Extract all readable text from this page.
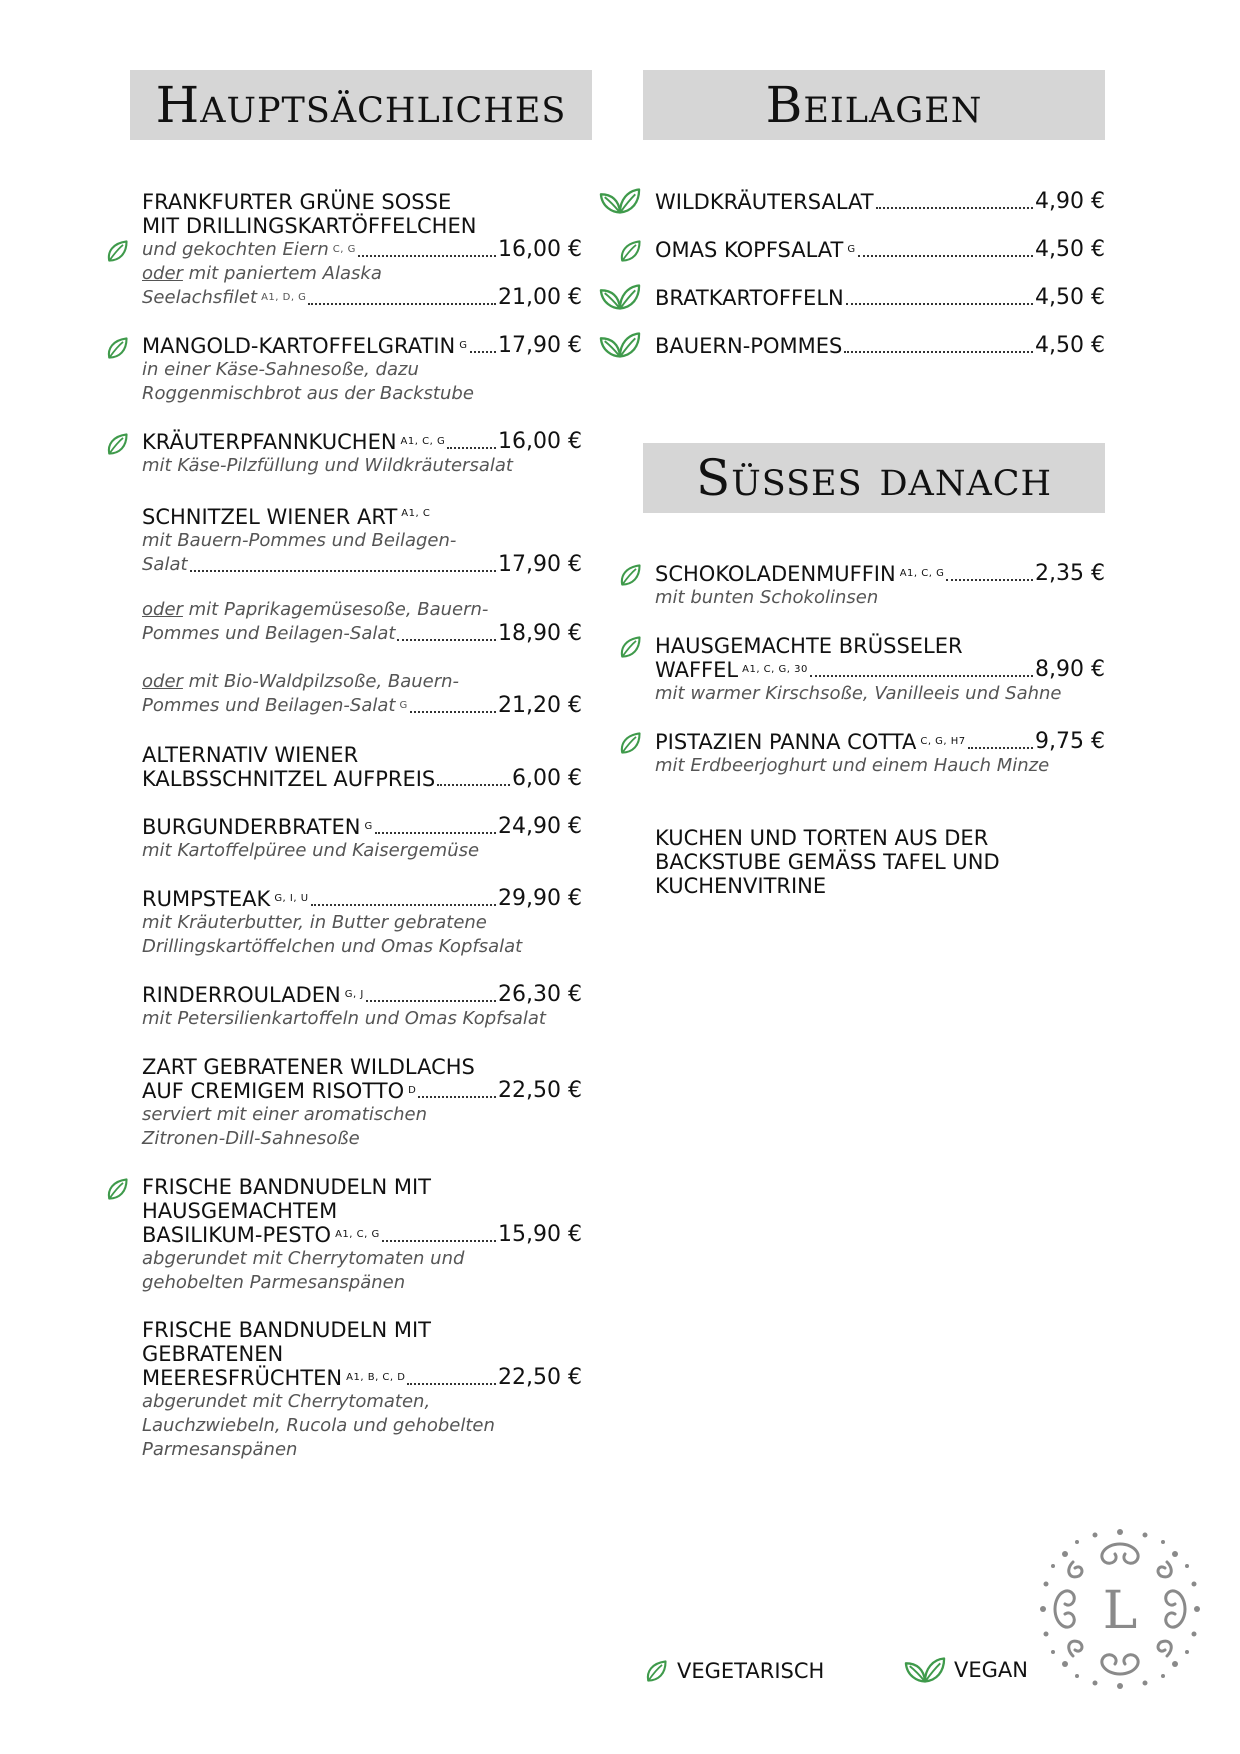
Hauptsächliches
FRANKFURTER GRÜNE SOSSE
MIT DRILLINGSKARTÖFFELCHEN
und gekochten Eiern C, G	16,00 €
oder mit paniertem Alaska
Seelachsfilet A1, D, G	21,00 €
MANGOLD-KARTOFFELGRATIN G 17,90 €
in einer Käse-Sahnesoße, dazu
Roggenmischbrot aus der Backstube
KRÄUTERPFANNKUCHEN A1, C, G 16,00 €
mit Käse-Pilzfüllung und Wildkräutersalat
SCHNITZEL WIENER ART $^{A1, C}$
mit Bauern-Pommes und Beilagen-
Salat	17,90 €
oder mit Paprikagemüsesoße, Bauern-
Pommes und Beilagen-Salat	18,90 €
oder mit Bio-Waldpilzsoße, Bauern-
Pommes und Beilagen-Salat G	21,20 €
ALTERNATIV WIENER
KALBSSCHNITZEL AUFPREIS	6,00 €
BURGUNDERBRATEN G	24,90 €
mit Kartoffelpüree und Kaisergemüse
RUMPSTEAK G, I, U	29,90 €
mit Kräuterbutter, in Butter gebratene
Drillingskartöffelchen und Omas Kopfsalat
RINDERROULADEN G, J	26,30 €
mit Petersilienkartoffeln und Omas Kopfsalat
ZART GEBRATENER WILDLACHS
AUF CREMIGEM RISOTTO D	22,50 €
serviert mit einer aromatischen
Zitronen-Dill-Sahnesoße
FRISCHE BANDNUDELN MIT
HAUSGEMACHTEM
BASILIKUM-PESTO A1, C, G	15,90 €
abgerundet mit Cherrytomaten und
gehobelten Parmesanspänen
FRISCHE BANDNUDELN MIT
GEBRATENEN
MEERESFRÜCHTEN A1, B, C, D	22,50 €
abgerundet mit Cherrytomaten,
Lauchzwiebeln, Rucola und gehobelten
Parmesanspänen
Beilagen
WILDKRÄUTERSALAT	4,90 €
OMAS KOPFSALAT G	4,50 €
BRATKARTOFFELN	4,50 €
BAUERN-POMMES	4,50 €
Süsses danach
SCHOKOLADENMUFFIN A1, C, G	2,35 €
mit bunten Schokolinsen
HAUSGEMACHTE BRÜSSELER
WAFFEL A1, C, G, 30	8,90 €
mit warmer Kirschsoße, Vanilleeis und Sahne
PISTAZIEN PANNA COTTA C, G, H7	9,75 €
mit Erdbeerjoghurt und einem Hauch Minze
KUCHEN UND TORTEN AUS DER
BACKSTUBE GEMÄSS TAFEL UND
KUCHENVITRINE
VEGETARISCH	VEGAN
L
